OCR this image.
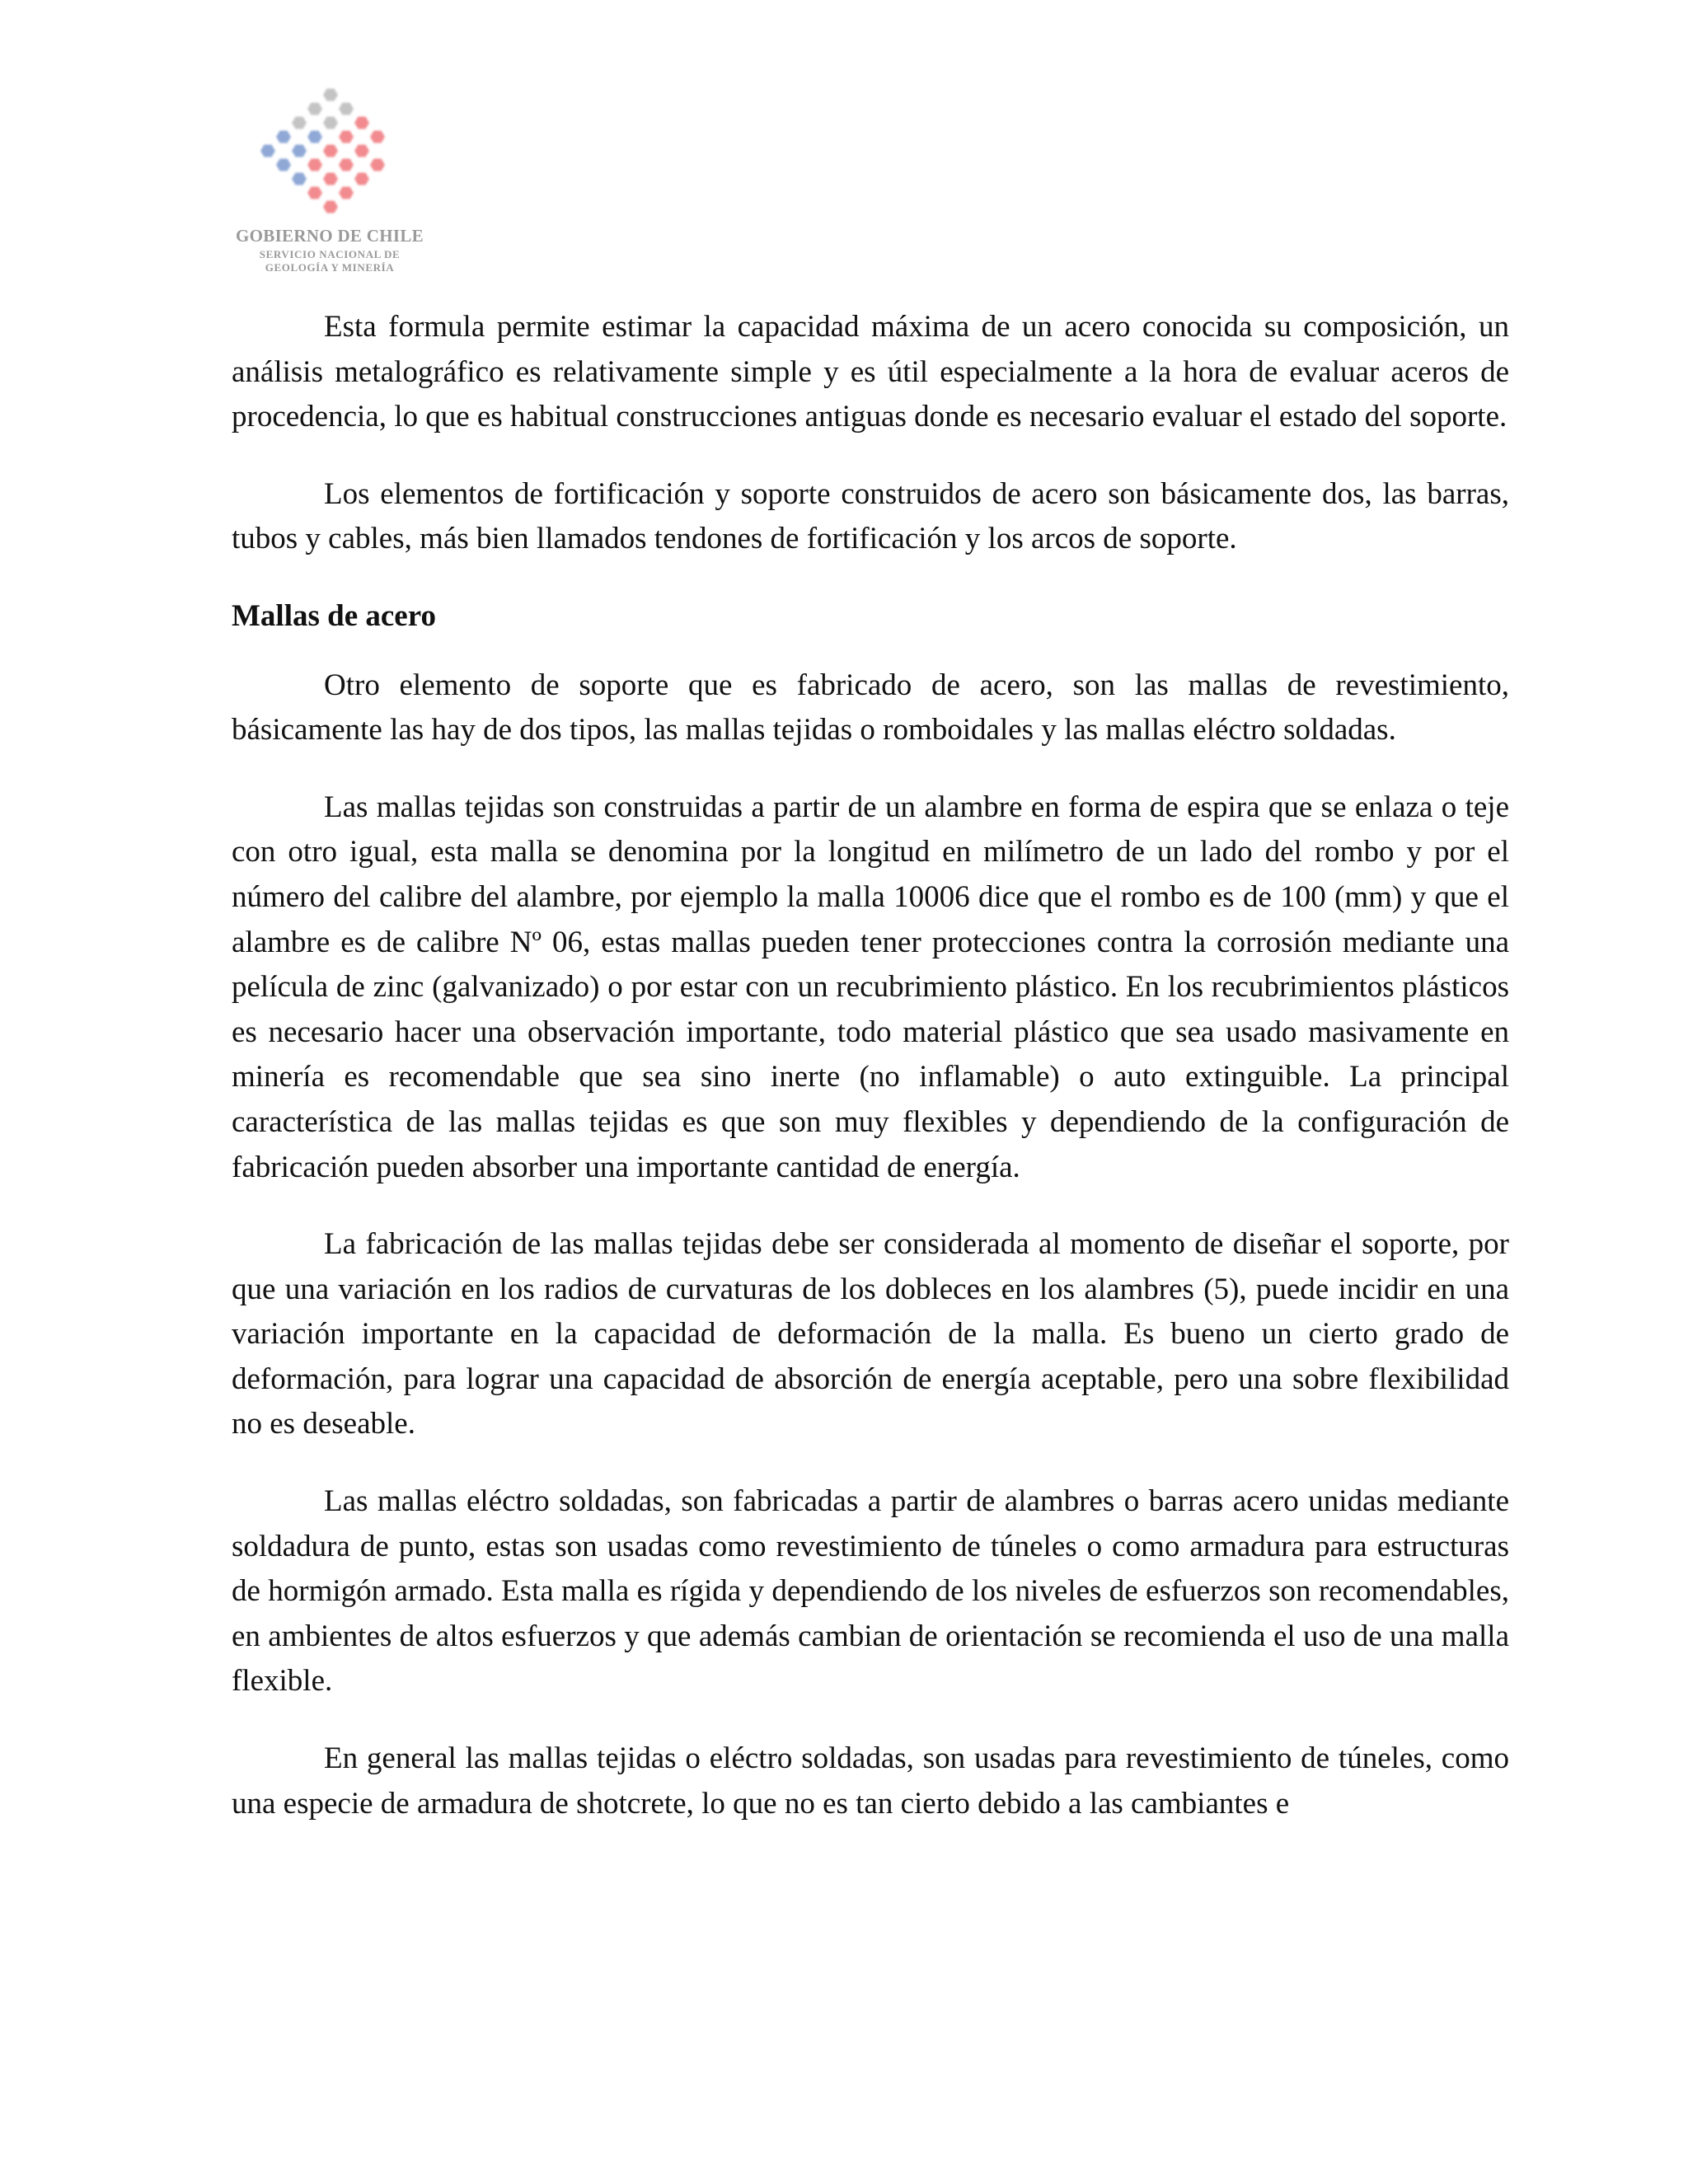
GOBIERNO DE CHILE
SERVICIO NACIONAL DE
GEOLOGÍA Y MINERÍA

Esta formula permite estimar la capacidad máxima de un acero conocida su composición, un análisis metalográfico es relativamente simple y es útil especialmente a la hora de evaluar aceros de procedencia, lo que es habitual construcciones antiguas donde es necesario evaluar el estado del soporte.

Los elementos de fortificación y soporte construidos de acero son básicamente dos, las barras, tubos y cables, más bien llamados tendones de fortificación y los arcos de soporte.

Mallas de acero

Otro elemento de soporte que es fabricado de acero, son las mallas de revestimiento, básicamente las hay de dos tipos, las mallas tejidas o romboidales y las mallas eléctro soldadas.

Las mallas tejidas son construidas a partir de un alambre en forma de espira que se enlaza o teje con otro igual, esta malla se denomina por la longitud en milímetro de un lado del rombo y por el número del calibre del alambre, por ejemplo la malla 10006 dice que el rombo es de 100 (mm) y que el alambre es de calibre Nº 06, estas mallas pueden tener protecciones contra la corrosión mediante una película de zinc (galvanizado) o por estar con un recubrimiento plástico. En los recubrimientos plásticos es necesario hacer una observación importante, todo material plástico que sea usado masivamente en minería es recomendable que sea sino inerte (no inflamable) o auto extinguible. La principal característica de las mallas tejidas es que son muy flexibles y dependiendo de la configuración de fabricación pueden absorber una importante cantidad de energía.

La fabricación de las mallas tejidas debe ser considerada al momento de diseñar el soporte, por que una variación en los radios de curvaturas de los dobleces en los alambres (5), puede incidir en una variación importante en la capacidad de deformación de la malla. Es bueno un cierto grado de deformación, para lograr una capacidad de absorción de energía aceptable, pero una sobre flexibilidad no es deseable.

Las mallas eléctro soldadas, son fabricadas a partir de alambres o barras acero unidas mediante soldadura de punto, estas son usadas como revestimiento de túneles o como armadura para estructuras de hormigón armado. Esta malla es rígida y dependiendo de los niveles de esfuerzos son recomendables, en ambientes de altos esfuerzos y que además cambian de orientación se recomienda el uso de una malla flexible.

En general las mallas tejidas o eléctro soldadas, son usadas para revestimiento de túneles, como una especie de armadura de shotcrete, lo que no es tan cierto debido a las cambiantes e
